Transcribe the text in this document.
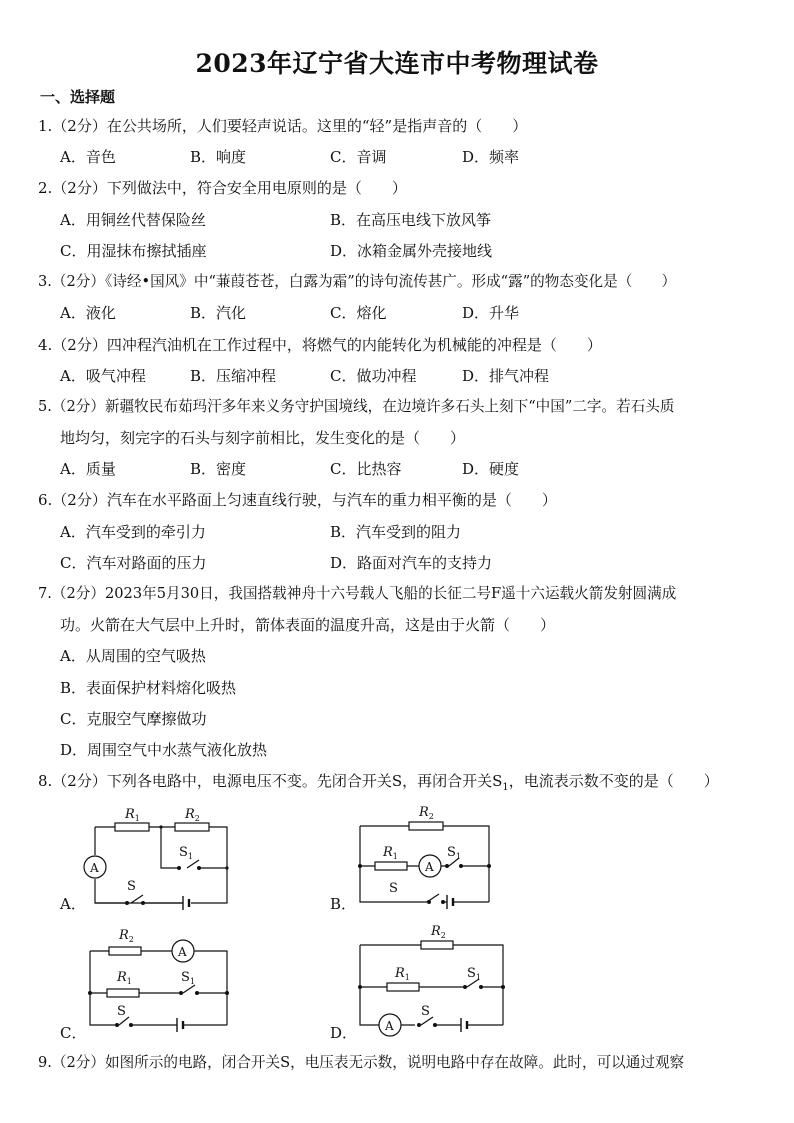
2023年辽宁省大连市中考物理试卷
一、选择题
1.（2分）在公共场所，人们要轻声说话。这里的“轻”是指声音的（　　）
A．音色	B．响度	C．音调	D．频率
2.（2分）下列做法中，符合安全用电原则的是（　　）
A．用铜丝代替保险丝	B．在高压电线下放风筝
C．用湿抹布擦拭插座	D．冰箱金属外壳接地线
3.（2分）《诗经•国风》中“蒹葭苍苍，白露为霜”的诗句流传甚广。形成“露”的物态变化是（　　）
A．液化	B．汽化	C．熔化	D．升华
4.（2分）四冲程汽油机在工作过程中，将燃气的内能转化为机械能的冲程是（　　）
A．吸气冲程	B．压缩冲程	C．做功冲程	D．排气冲程
5.（2分）新疆牧民布茹玛汗多年来义务守护国境线，在边境许多石头上刻下“中国”二字。若石头质
地均匀，刻完字的石头与刻字前相比，发生变化的是（　　）
A．质量	B．密度	C．比热容	D．硬度
6.（2分）汽车在水平路面上匀速直线行驶，与汽车的重力相平衡的是（　　）
A．汽车受到的牵引力	B．汽车受到的阻力
C．汽车对路面的压力	D．路面对汽车的支持力
7.（2分）2023年5月30日，我国搭载神舟十六号载人飞船的长征二号F遥十六运载火箭发射圆满成
功。火箭在大气层中上升时，箭体表面的温度升高，这是由于火箭（　　）
A．从周围的空气吸热
B．表面保护材料熔化吸热
C．克服空气摩擦做功
D．周围空气中水蒸气液化放热
8.（2分）下列各电路中，电源电压不变。先闭合开关S，再闭合开关$S_1$，电流表示数不变的是（　　）
A．	B．
C．	D．
$R_1$	$R_2$
$S_1$
S
A
$R_2$
$R_1$	$S_1$
S
A
$R_2$
$R_1$	$S_1$
S
A
$R_2$
$R_1$	$S_1$
S
A
9.（2分）如图所示的电路，闭合开关S，电压表无示数，说明电路中存在故障。此时，可以通过观察
